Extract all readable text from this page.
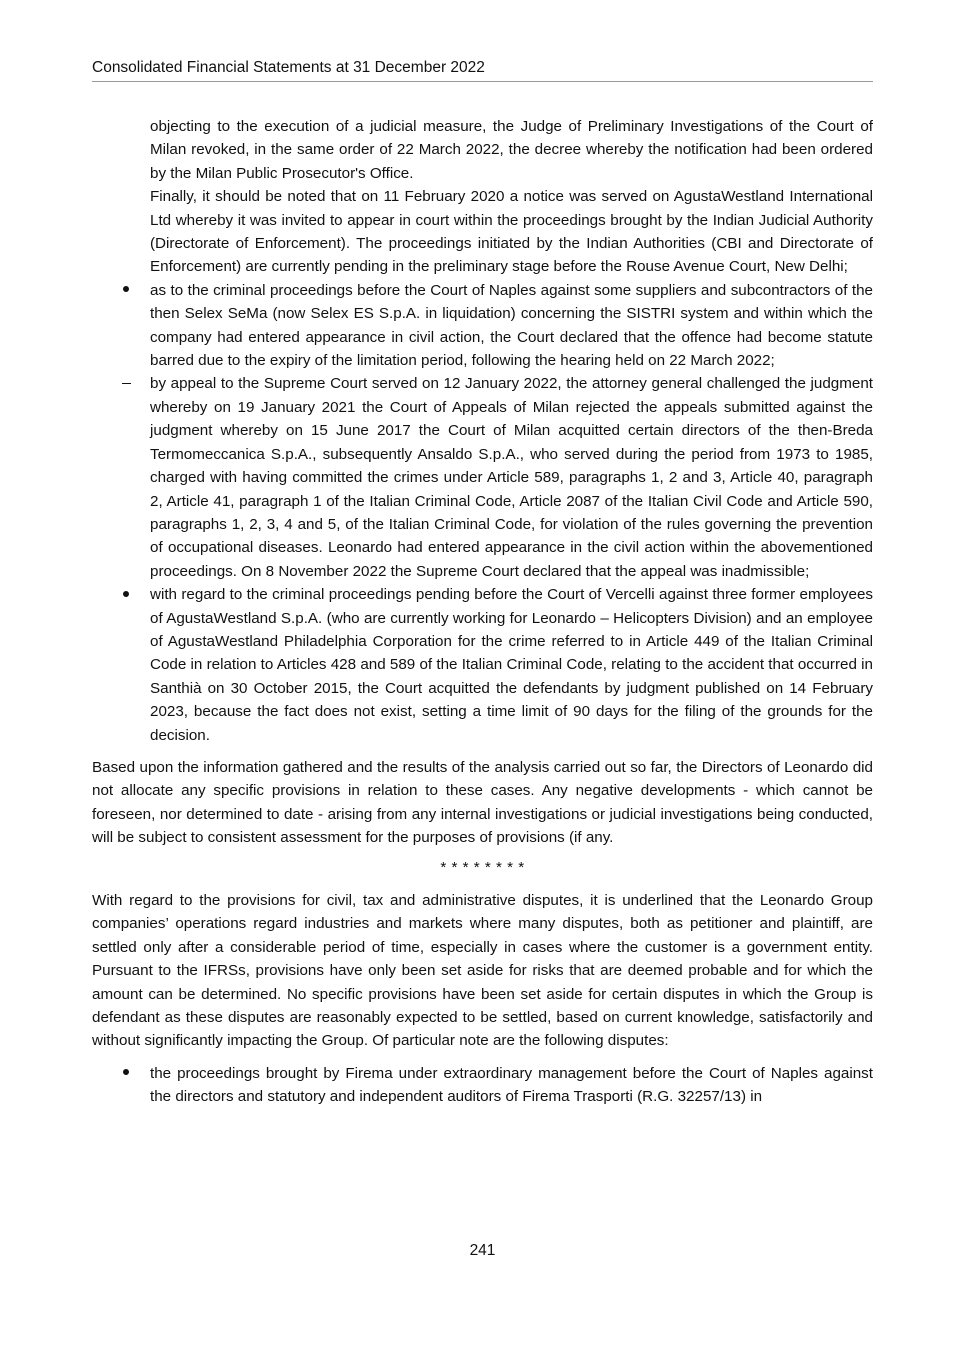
Consolidated Financial Statements at 31 December 2022

objecting to the execution of a judicial measure, the Judge of Preliminary Investigations of the Court of Milan revoked, in the same order of 22 March 2022, the decree whereby the notification had been ordered by the Milan Public Prosecutor's Office.

Finally, it should be noted that on 11 February 2020 a notice was served on AgustaWestland International Ltd whereby it was invited to appear in court within the proceedings brought by the Indian Judicial Authority (Directorate of Enforcement). The proceedings initiated by the Indian Authorities (CBI and Directorate of Enforcement) are currently pending in the preliminary stage before the Rouse Avenue Court, New Delhi;

as to the criminal proceedings before the Court of Naples against some suppliers and subcontractors of the then Selex SeMa (now Selex ES S.p.A. in liquidation) concerning the SISTRI system and within which the company had entered appearance in civil action, the Court declared that the offence had become statute barred due to the expiry of the limitation period, following the hearing held on 22 March 2022;
by appeal to the Supreme Court served on 12 January 2022, the attorney general challenged the judgment whereby on 19 January 2021 the Court of Appeals of Milan rejected the appeals submitted against the judgment whereby on 15 June 2017 the Court of Milan acquitted certain directors of the then-Breda Termomeccanica S.p.A., subsequently Ansaldo S.p.A., who served during the period from 1973 to 1985, charged with having committed the crimes under Article 589, paragraphs 1, 2 and 3, Article 40, paragraph 2, Article 41, paragraph 1 of the Italian Criminal Code, Article 2087 of the Italian Civil Code and Article 590, paragraphs 1, 2, 3, 4 and 5, of the Italian Criminal Code, for violation of the rules governing the prevention of occupational diseases. Leonardo had entered appearance in the civil action within the abovementioned proceedings. On 8 November 2022 the Supreme Court declared that the appeal was inadmissible;
with regard to the criminal proceedings pending before the Court of Vercelli against three former employees of AgustaWestland S.p.A. (who are currently working for Leonardo – Helicopters Division) and an employee of AgustaWestland Philadelphia Corporation for the crime referred to in Article 449 of the Italian Criminal Code in relation to Articles 428 and 589 of the Italian Criminal Code, relating to the accident that occurred in Santhià on 30 October 2015, the Court acquitted the defendants by judgment published on 14 February 2023, because the fact does not exist, setting a time limit of 90 days for the filing of the grounds for the decision.

Based upon the information gathered and the results of the analysis carried out so far, the Directors of Leonardo did not allocate any specific provisions in relation to these cases. Any negative developments - which cannot be foreseen, nor determined to date - arising from any internal investigations or judicial investigations being conducted, will be subject to consistent assessment for the purposes of provisions (if any.

* * * * * * * *

With regard to the provisions for civil, tax and administrative disputes, it is underlined that the Leonardo Group companies’ operations regard industries and markets where many disputes, both as petitioner and plaintiff, are settled only after a considerable period of time, especially in cases where the customer is a government entity. Pursuant to the IFRSs, provisions have only been set aside for risks that are deemed probable and for which the amount can be determined. No specific provisions have been set aside for certain disputes in which the Group is defendant as these disputes are reasonably expected to be settled, based on current knowledge, satisfactorily and without significantly impacting the Group. Of particular note are the following disputes:

the proceedings brought by Firema under extraordinary management before the Court of Naples against the directors and statutory and independent auditors of Firema Trasporti (R.G. 32257/13) in
241
